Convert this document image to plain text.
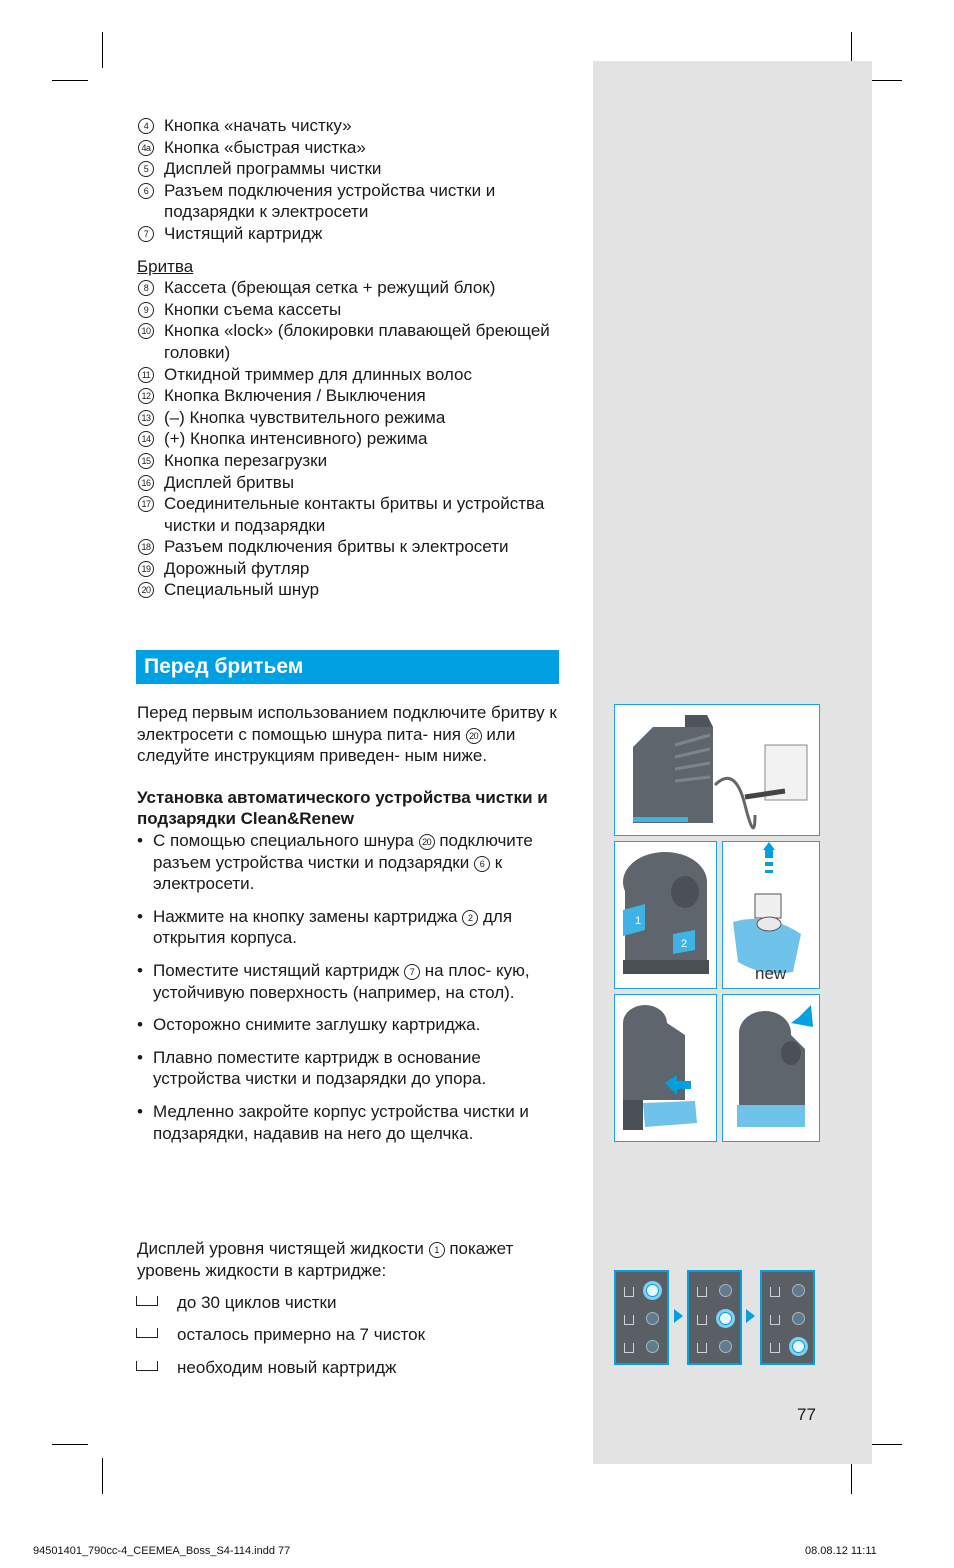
4 Кнопка «начать чистку»
4a Кнопка «быстрая чистка»
5 Дисплей программы чистки
6 Разъем подключения устройства чистки и подзарядки к электросети
7 Чистящий картридж
Бритва
8 Кассета (бреющая сетка + режущий блок)
9 Кнопки съема кассеты
10 Кнопка «lock» (блокировки плавающей бреющей головки)
11 Откидной триммер для длинных волос
12 Кнопка Включения / Выключения
13 (–) Кнопка чувствительного режима
14 (+) Кнопка интенсивного) режима
15 Кнопка перезагрузки
16 Дисплей бритвы
17 Соединительные контакты бритвы и устройства чистки и подзарядки
18 Разъем подключения бритвы к электросети
19 Дорожный футляр
20 Специальный шнур
Перед бритьем
Перед первым использованием подключите бритву к электросети с помощью шнура пита- ния 20 или следуйте инструкциям приведен- ным ниже.
Установка автоматического устройства чистки и подзарядки Clean&Renew
• С помощью специального шнура 20 подключите разъем устройства чистки и подзарядки 6 к электросети.
• Нажмите на кнопку замены картриджа 2 для открытия корпуса.
• Поместите чистящий картридж 7 на плос- кую, устойчивую поверхность (например, на стол).
• Осторожно снимите заглушку картриджа.
• Плавно поместите картридж в основание устройства чистки и подзарядки до упора.
• Медленно закройте корпус устройства чистки и подзарядки, надавив на него до щелчка.
Дисплей уровня чистящей жидкости 1 покажет уровень жидкости в картридже:
до 30 циклов чистки
осталось примерно на 7 чисток
необходим новый картридж
1
2
new
77
94501401_790cc-4_CEEMEA_Boss_S4-114.indd 77	08.08.12 11:11
